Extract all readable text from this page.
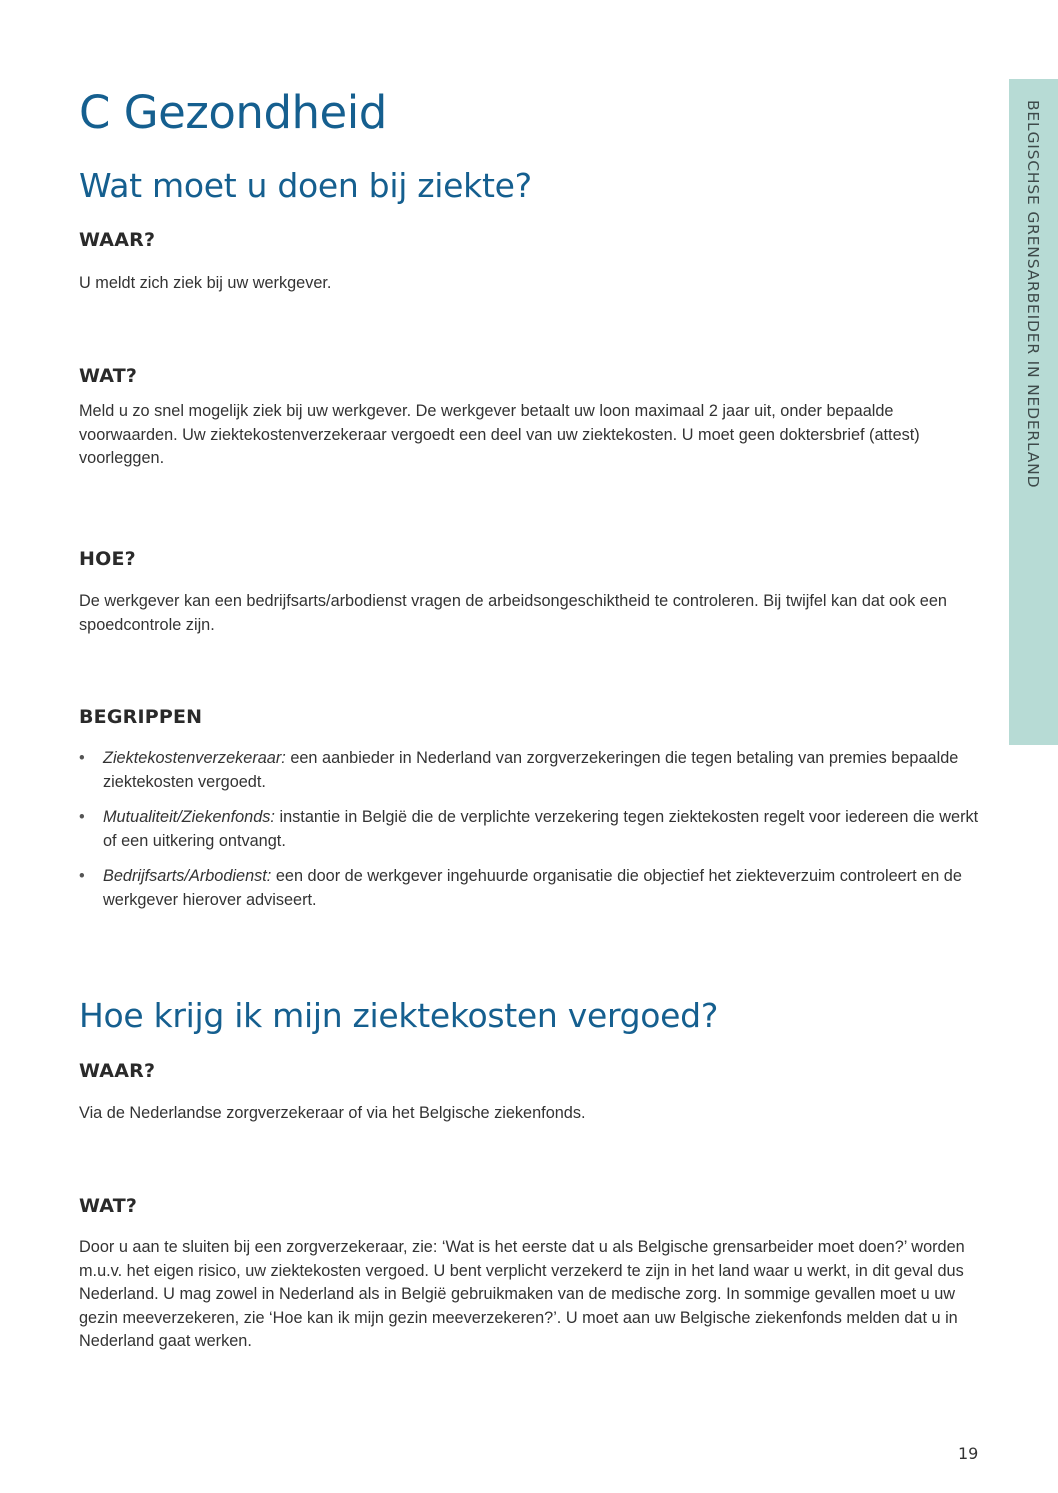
C Gezondheid
Wat moet u doen bij ziekte?
WAAR?

U meldt zich ziek bij uw werkgever.

WAT?

Meld u zo snel mogelijk ziek bij uw werkgever. De werkgever betaalt uw loon maximaal 2 jaar uit, onder bepaalde voorwaarden. Uw ziektekostenverzekeraar vergoedt een deel van uw ziektekosten. U moet geen doktersbrief (attest) voorleggen.

HOE?

De werkgever kan een bedrijfsarts/arbodienst vragen de arbeidsongeschiktheid te controleren. Bij twijfel kan dat ook een spoedcontrole zijn.

BEGRIPPEN
• Ziektekostenverzekeraar: een aanbieder in Nederland van zorgverzekeringen die tegen betaling van premies bepaalde ziektekosten vergoedt.
• Mutualiteit/Ziekenfonds: instantie in België die de verplichte verzekering tegen ziektekosten regelt voor iedereen die werkt of een uitkering ontvangt.
• Bedrijfsarts/Arbodienst: een door de werkgever ingehuurde organisatie die objectief het ziekteverzuim controleert en de werkgever hierover adviseert.
Hoe krijg ik mijn ziektekosten vergoed?
WAAR?

Via de Nederlandse zorgverzekeraar of via het Belgische ziekenfonds.

WAT?

Door u aan te sluiten bij een zorgverzekeraar, zie: ‘Wat is het eerste dat u als Belgische grensarbeider moet doen?’ worden m.u.v. het eigen risico, uw ziektekosten vergoed. U bent verplicht verzekerd te zijn in het land waar u werkt, in dit geval dus Nederland. U mag zowel in Nederland als in België gebruikmaken van de medische zorg. In sommige gevallen moet u uw gezin meeverzekeren, zie ‘Hoe kan ik mijn gezin meeverzekeren?’. U moet aan uw Belgische ziekenfonds melden dat u in Nederland gaat werken.

BELGISCHSE GRENSARBEIDER IN NEDERLAND
19
